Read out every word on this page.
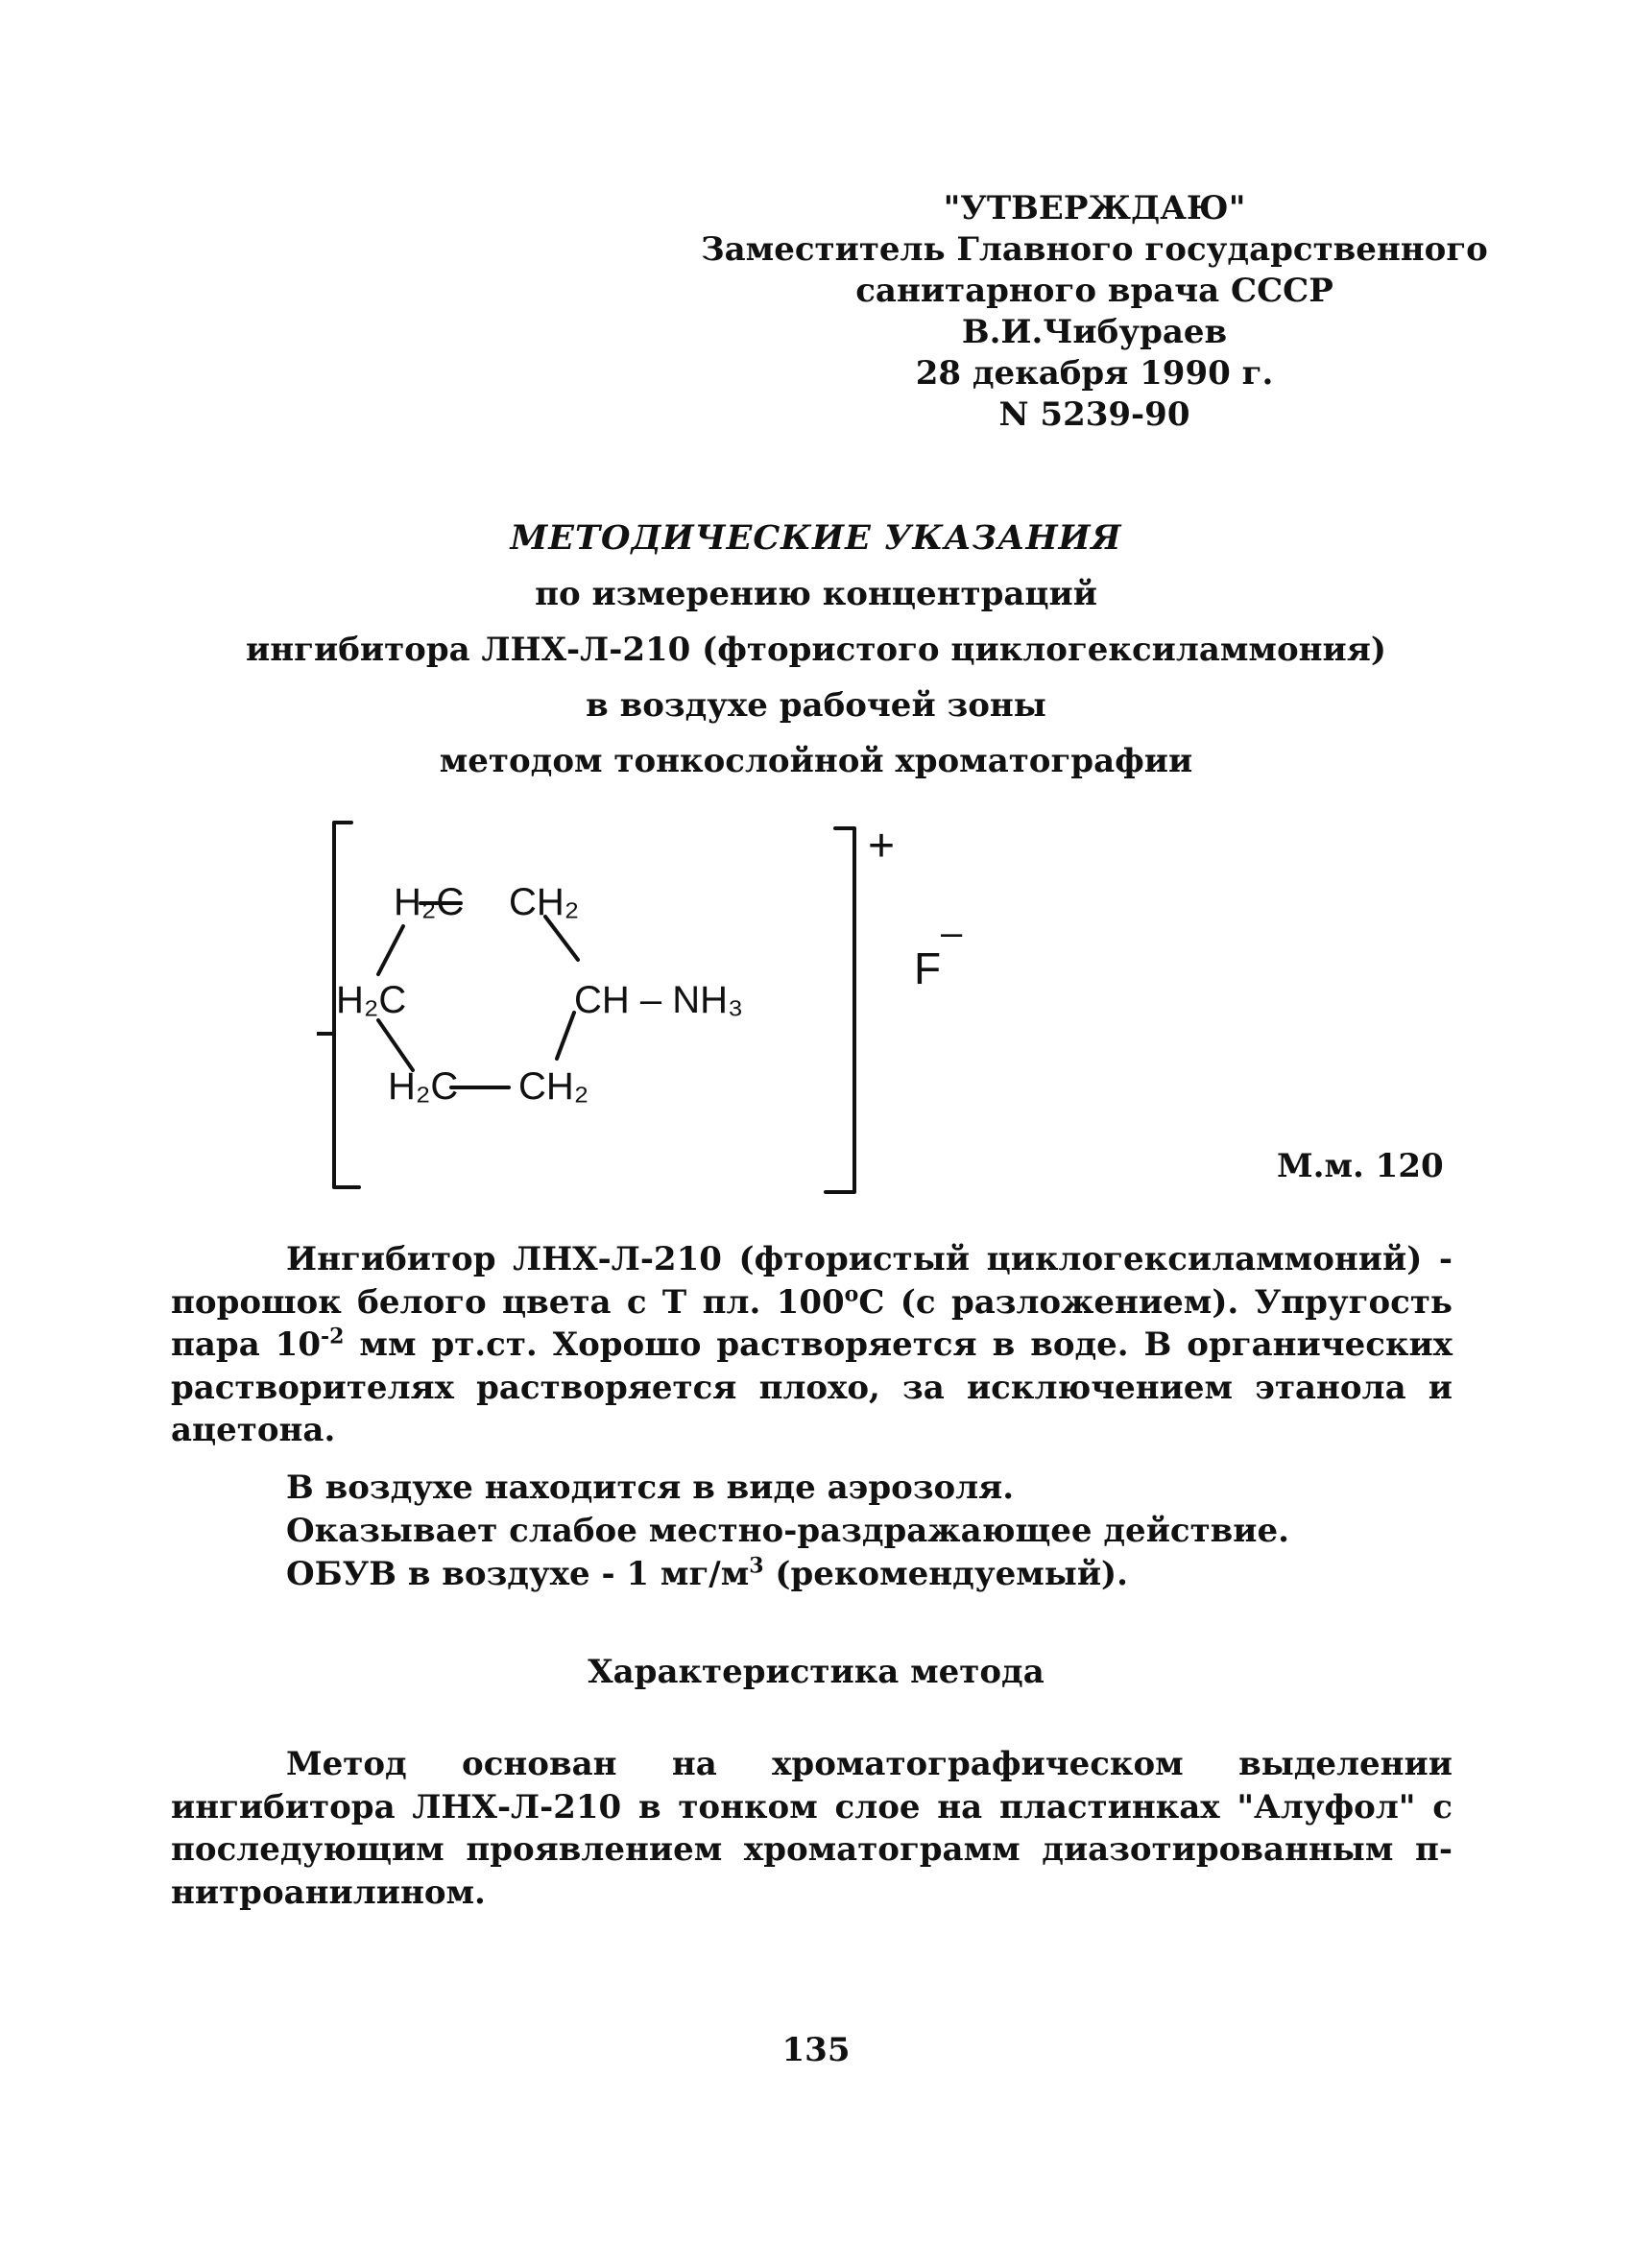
"УТВЕРЖДАЮ"
Заместитель Главного государственного
санитарного врача СССР
В.И.Чибураев
28 декабря 1990 г.
N 5239-90
МЕТОДИЧЕСКИЕ УКАЗАНИЯ
по измерению концентраций
ингибитора ЛНХ-Л-210 (фтористого циклогексиламмония)
в воздухе рабочей зоны
методом тонкослойной хроматографии
H₂C CH₂
H₂C	CH – NH₃
H₂C CH₂
+
F
–
М.м. 120
Ингибитор ЛНХ-Л-210 (фтористый циклогексиламмоний) - порошок белого цвета с Т пл. 100$^o$С (с разложением). Упругость пара $10^{-2}$ мм рт.ст. Хорошо растворяется в воде. В органических растворителях растворяется плохо, за исключением этанола и ацетона.
В воздухе находится в виде аэрозоля.
Оказывает слабое местно-раздражающее действие.
ОБУВ в воздухе - 1 $мг/м^3$ (рекомендуемый).
Характеристика метода
Метод основан на хроматографическом выделении ингибитора ЛНХ-Л-210 в тонком слое на пластинках "Алуфол" с последующим проявлением хроматограмм диазотированным п-нитроанилином.
135
